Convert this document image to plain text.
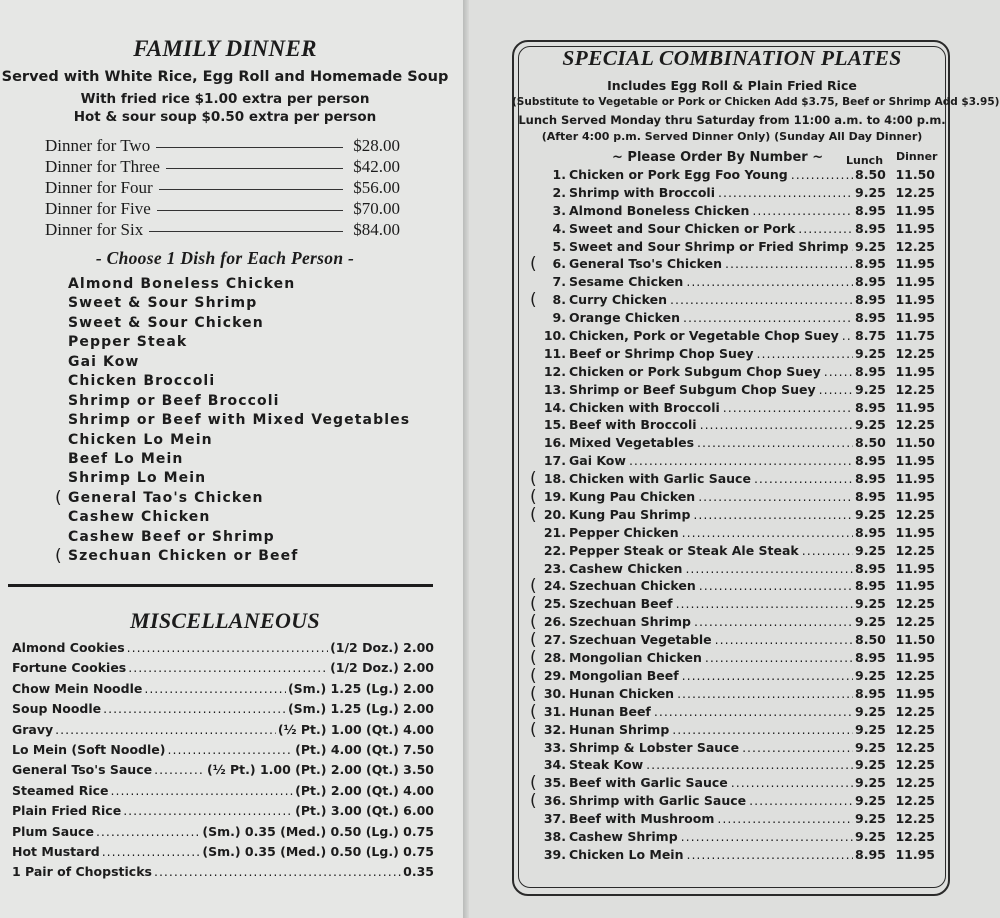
FAMILY DINNER
Served with White Rice, Egg Roll and Homemade Soup
With fried rice $1.00 extra per person
Hot & sour soup $0.50 extra per person
Dinner for Two	$28.00
Dinner for Three	$42.00
Dinner for Four	$56.00
Dinner for Five	$70.00
Dinner for Six	$84.00
- Choose 1 Dish for Each Person -
Almond Boneless Chicken
Sweet & Sour Shrimp
Sweet & Sour Chicken
Pepper Steak
Gai Kow
Chicken Broccoli
Shrimp or Beef Broccoli
Shrimp or Beef with Mixed Vegetables
Chicken Lo Mein
Beef Lo Mein
Shrimp Lo Mein
( General Tao's Chicken
Cashew Chicken
Cashew Beef or Shrimp
( Szechuan Chicken or Beef
MISCELLANEOUS
Almond Cookies .....	(1/2 Doz.) 2.00
Fortune Cookies .....	(1/2 Doz.) 2.00
Chow Mein Noodle .....	(Sm.) 1.25 (Lg.) 2.00
Soup Noodle .....	(Sm.) 1.25 (Lg.) 2.00
Gravy .....	(½ Pt.) 1.00 (Qt.) 4.00
Lo Mein (Soft Noodle) .....	(Pt.) 4.00 (Qt.) 7.50
General Tso's Sauce .....	(½ Pt.) 1.00 (Pt.) 2.00 (Qt.) 3.50
Steamed Rice .....	(Pt.) 2.00 (Qt.) 4.00
Plain Fried Rice .....	(Pt.) 3.00 (Qt.) 6.00
Plum Sauce .....	(Sm.) 0.35 (Med.) 0.50 (Lg.) 0.75
Hot Mustard .....	(Sm.) 0.35 (Med.) 0.50 (Lg.) 0.75
1 Pair of Chopsticks .....	0.35
SPECIAL COMBINATION PLATES
Includes Egg Roll & Plain Fried Rice
(Substitute to Vegetable or Pork or Chicken Add $3.75, Beef or Shrimp Add $3.95)
Lunch Served Monday thru Saturday from 11:00 a.m. to 4:00 p.m.
(After 4:00 p.m. Served Dinner Only) (Sunday All Day Dinner)
~ Please Order By Number ~ Lunch Dinner
1. Chicken or Pork Egg Foo Young .....	8.50 11.50
2. Shrimp with Broccoli .....	9.25 12.25
3. Almond Boneless Chicken .....	8.95 11.95
4. Sweet and Sour Chicken or Pork .....	8.95 11.95
5. Sweet and Sour Shrimp or Fried Shrimp ..... 9.25 12.25
(	6. General Tso's Chicken .....	8.95 11.95
7. Sesame Chicken .....	8.95 11.95
(	8. Curry Chicken .....	8.95 11.95
9. Orange Chicken .....	8.95 11.95
10. Chicken, Pork or Vegetable Chop Suey ..... 8.75 11.75
11. Beef or Shrimp Chop Suey .....	9.25 12.25
12. Chicken or Pork Subgum Chop Suey .....	8.95 11.95
13. Shrimp or Beef Subgum Chop Suey .....	9.25 12.25
14. Chicken with Broccoli .....	8.95 11.95
15. Beef with Broccoli .....	9.25 12.25
16. Mixed Vegetables .....	8.50 11.50
17. Gai Kow .....	8.95 11.95
( 18. Chicken with Garlic Sauce .....	8.95 11.95
( 19. Kung Pau Chicken .....	8.95 11.95
( 20. Kung Pau Shrimp .....	9.25 12.25
21. Pepper Chicken .....	8.95 11.95
22. Pepper Steak or Steak Ale Steak .....	9.25 12.25
23. Cashew Chicken .....	8.95 11.95
( 24. Szechuan Chicken .....	8.95 11.95
( 25. Szechuan Beef .....	9.25 12.25
( 26. Szechuan Shrimp .....	9.25 12.25
( 27. Szechuan Vegetable .....	8.50 11.50
( 28. Mongolian Chicken .....	8.95 11.95
( 29. Mongolian Beef .....	9.25 12.25
( 30. Hunan Chicken .....	8.95 11.95
( 31. Hunan Beef .....	9.25 12.25
( 32. Hunan Shrimp .....	9.25 12.25
33. Shrimp & Lobster Sauce .....	9.25 12.25
34. Steak Kow .....	9.25 12.25
( 35. Beef with Garlic Sauce .....	9.25 12.25
( 36. Shrimp with Garlic Sauce .....	9.25 12.25
37. Beef with Mushroom .....	9.25 12.25
38. Cashew Shrimp .....	9.25 12.25
39. Chicken Lo Mein .....	8.95 11.95
